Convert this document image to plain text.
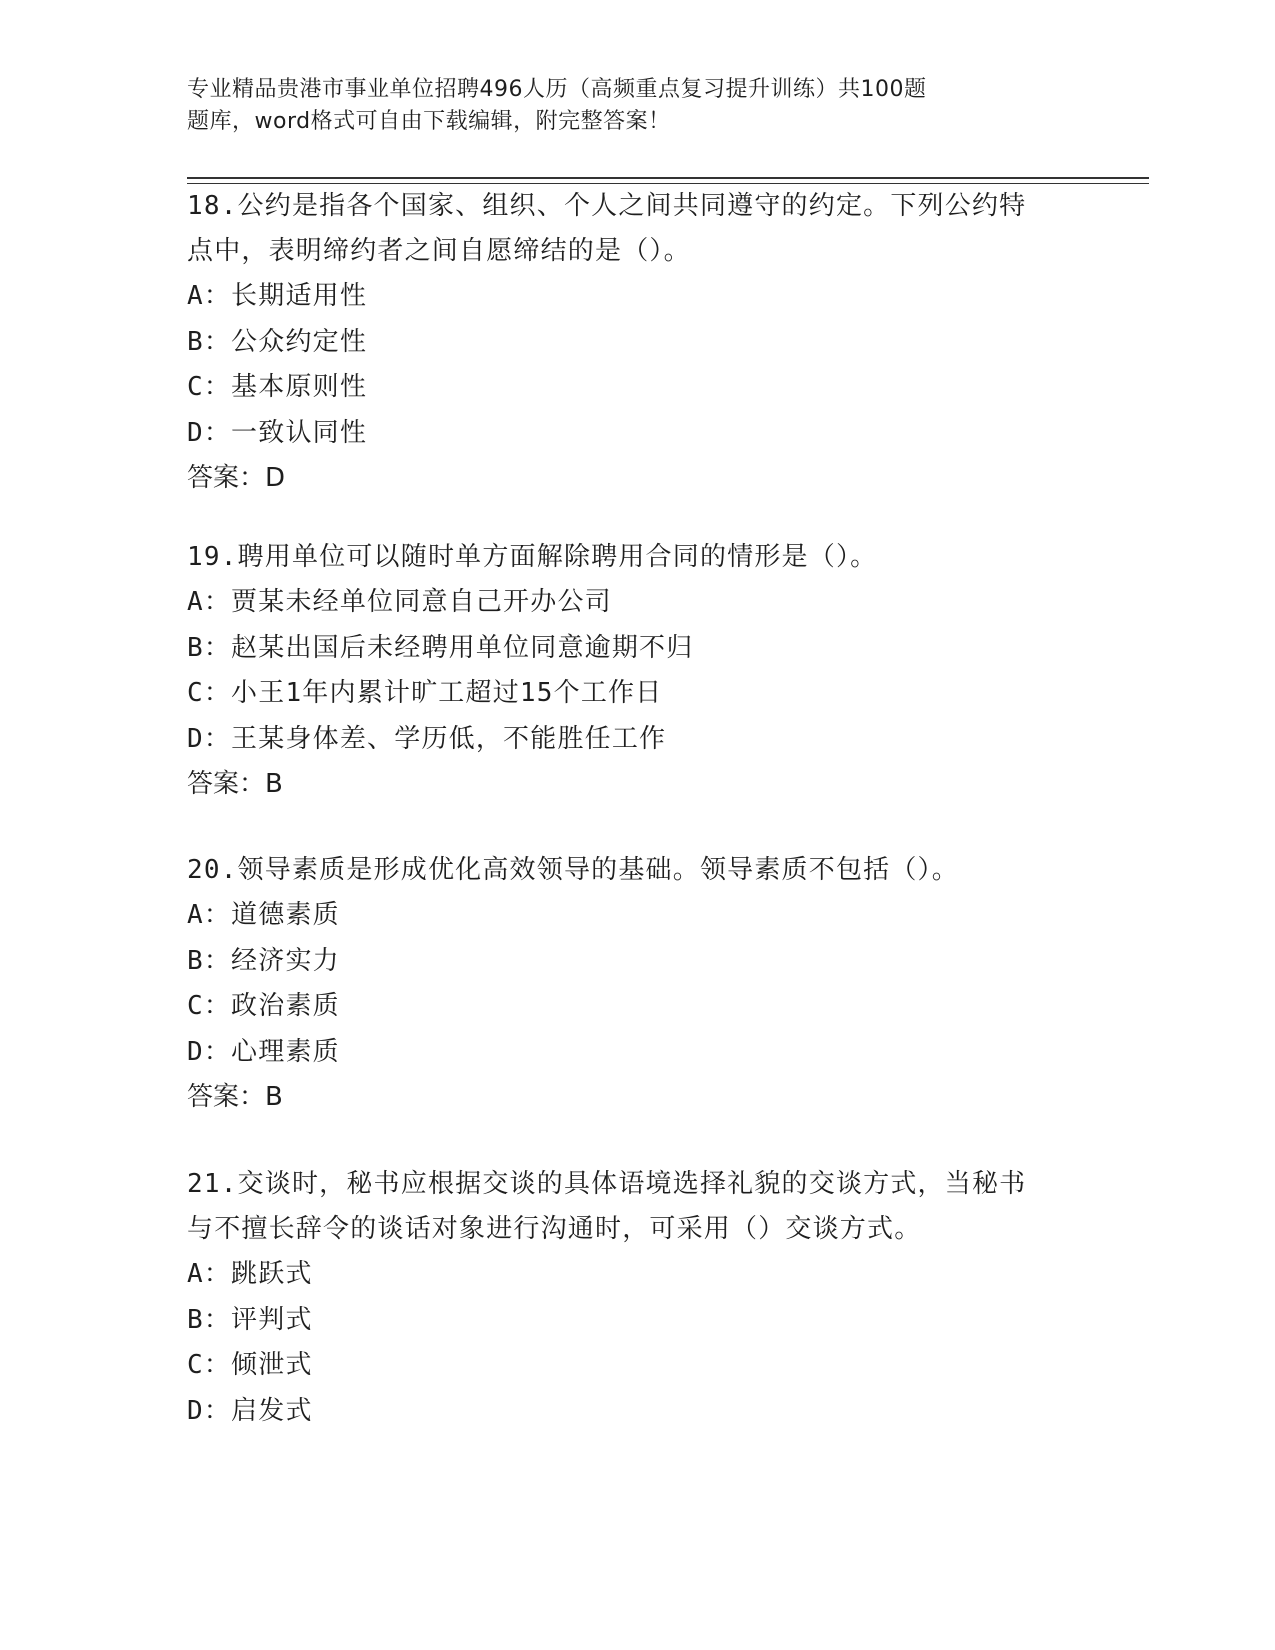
专业精品贵港市事业单位招聘496人历（高频重点复习提升训练）共100题
题库，word格式可自由下载编辑，附完整答案！

18.公约是指各个国家、组织、个人之间共同遵守的约定。下列公约特

点中，表明缔约者之间自愿缔结的是（）。

A：长期适用性

B：公众约定性

C：基本原则性

D：一致认同性

答案：D

19.聘用单位可以随时单方面解除聘用合同的情形是（）。

A：贾某未经单位同意自己开办公司

B：赵某出国后未经聘用单位同意逾期不归

C：小王1年内累计旷工超过15个工作日

D：王某身体差、学历低，不能胜任工作

答案：B

20.领导素质是形成优化高效领导的基础。领导素质不包括（）。

A：道德素质

B：经济实力

C：政治素质

D：心理素质

答案：B

21.交谈时，秘书应根据交谈的具体语境选择礼貌的交谈方式，当秘书

与不擅长辞令的谈话对象进行沟通时，可采用（）交谈方式。

A：跳跃式

B：评判式

C：倾泄式

D：启发式
